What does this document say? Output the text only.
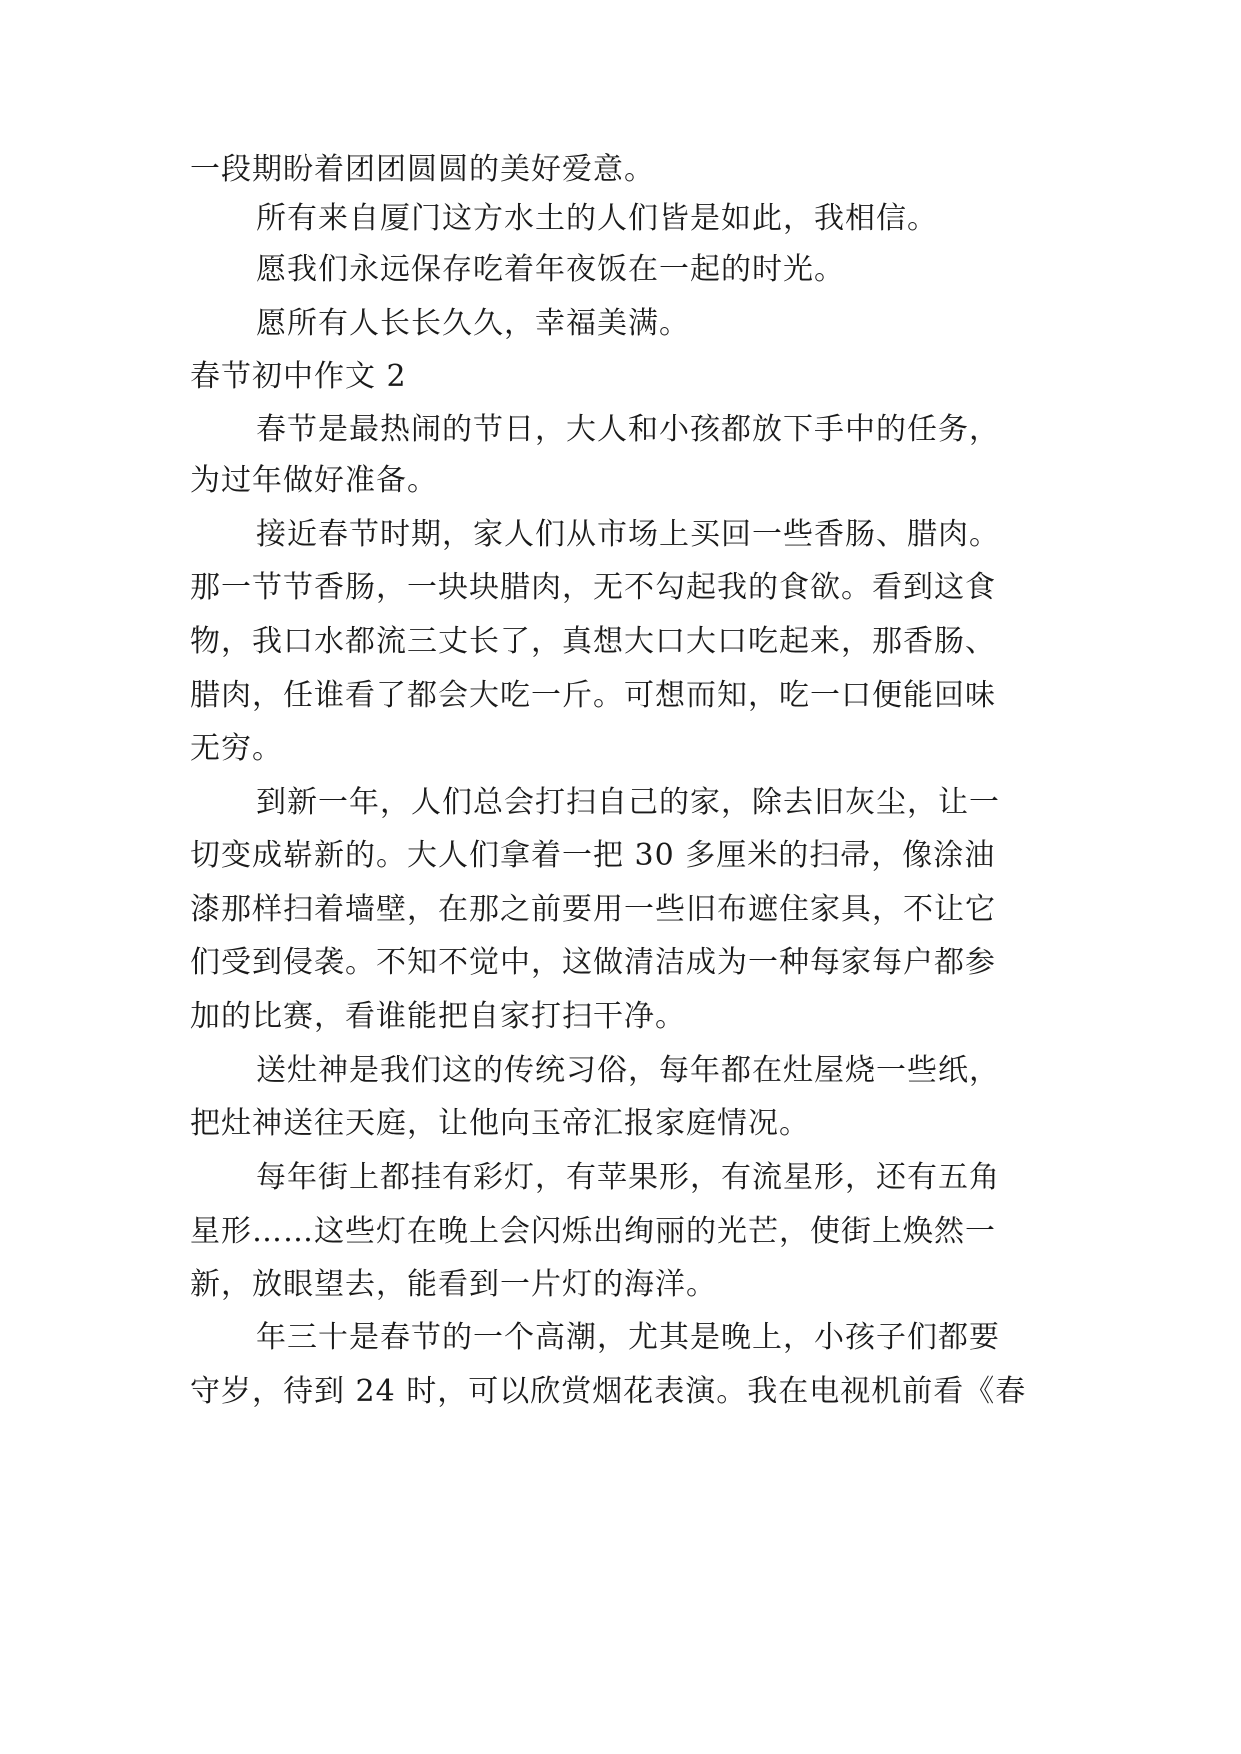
一段期盼着团团圆圆的美好爱意。
所有来自厦门这方水土的人们皆是如此，我相信。
愿我们永远保存吃着年夜饭在一起的时光。
愿所有人长长久久，幸福美满。
春节初中作文 2
春节是最热闹的节日，大人和小孩都放下手中的任务，
为过年做好准备。
接近春节时期，家人们从市场上买回一些香肠、腊肉。
那一节节香肠，一块块腊肉，无不勾起我的食欲。看到这食
物，我口水都流三丈长了，真想大口大口吃起来，那香肠、
腊肉，任谁看了都会大吃一斤。可想而知，吃一口便能回味
无穷。
到新一年，人们总会打扫自己的家，除去旧灰尘，让一
切变成崭新的。大人们拿着一把 30 多厘米的扫帚，像涂油
漆那样扫着墙壁，在那之前要用一些旧布遮住家具，不让它
们受到侵袭。不知不觉中，这做清洁成为一种每家每户都参
加的比赛，看谁能把自家打扫干净。
送灶神是我们这的传统习俗，每年都在灶屋烧一些纸，
把灶神送往天庭，让他向玉帝汇报家庭情况。
每年街上都挂有彩灯，有苹果形，有流星形，还有五角
星形……这些灯在晚上会闪烁出绚丽的光芒，使街上焕然一
新，放眼望去，能看到一片灯的海洋。
年三十是春节的一个高潮，尤其是晚上，小孩子们都要
守岁，待到 24 时，可以欣赏烟花表演。我在电视机前看《春
